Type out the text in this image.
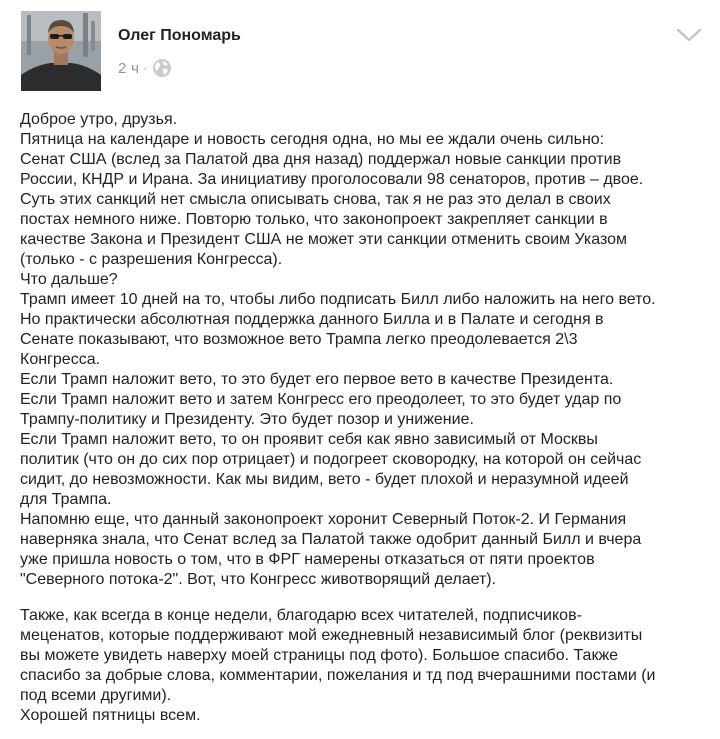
Олег Пономарь
2 ч ·

Доброе утро, друзья.
Пятница на календаре и новость сегодня одна, но мы ее ждали очень сильно:
Сенат США (вслед за Палатой два дня назад) поддержал новые санкции против
России, КНДР и Ирана. За инициативу проголосовали 98 сенаторов, против – двое.
Суть этих санкций нет смысла описывать снова, так я не раз это делал в своих
постах немного ниже. Повторю только, что законопроект закрепляет санкции в
качестве Закона и Президент США не может эти санкции отменить своим Указом
(только - с разрешения Конгресса).
Что дальше?
Трамп имеет 10 дней на то, чтобы либо подписать Билл либо наложить на него вето.
Но практически абсолютная поддержка данного Билла и в Палате и сегодня в
Сенате показывают, что возможное вето Трампа легко преодолевается 2\3
Конгресса.
Если Трамп наложит вето, то это будет его первое вето в качестве Президента.
Если Трамп наложит вето и затем Конгресс его преодолеет, то это будет удар по
Трампу-политику и Президенту. Это будет позор и унижение.
Если Трамп наложит вето, то он проявит себя как явно зависимый от Москвы
политик (что он до сих пор отрицает) и подогреет сковородку, на которой он сейчас
сидит, до невозможности. Как мы видим, вето - будет плохой и неразумной идеей
для Трампа.
Напомню еще, что данный законопроект хоронит Северный Поток-2. И Германия
наверняка знала, что Сенат вслед за Палатой также одобрит данный Билл и вчера
уже пришла новость о том, что в ФРГ намерены отказаться от пяти проектов
"Северного потока-2". Вот, что Конгресс животворящий делает).

Также, как всегда в конце недели, благодарю всех читателей, подписчиков-
меценатов, которые поддерживают мой ежедневный независимый блог (реквизиты
вы можете увидеть наверху моей страницы под фото). Большое спасибо. Также
спасибо за добрые слова, комментарии, пожелания и тд под вчерашними постами (и
под всеми другими).
Хорошей пятницы всем.
